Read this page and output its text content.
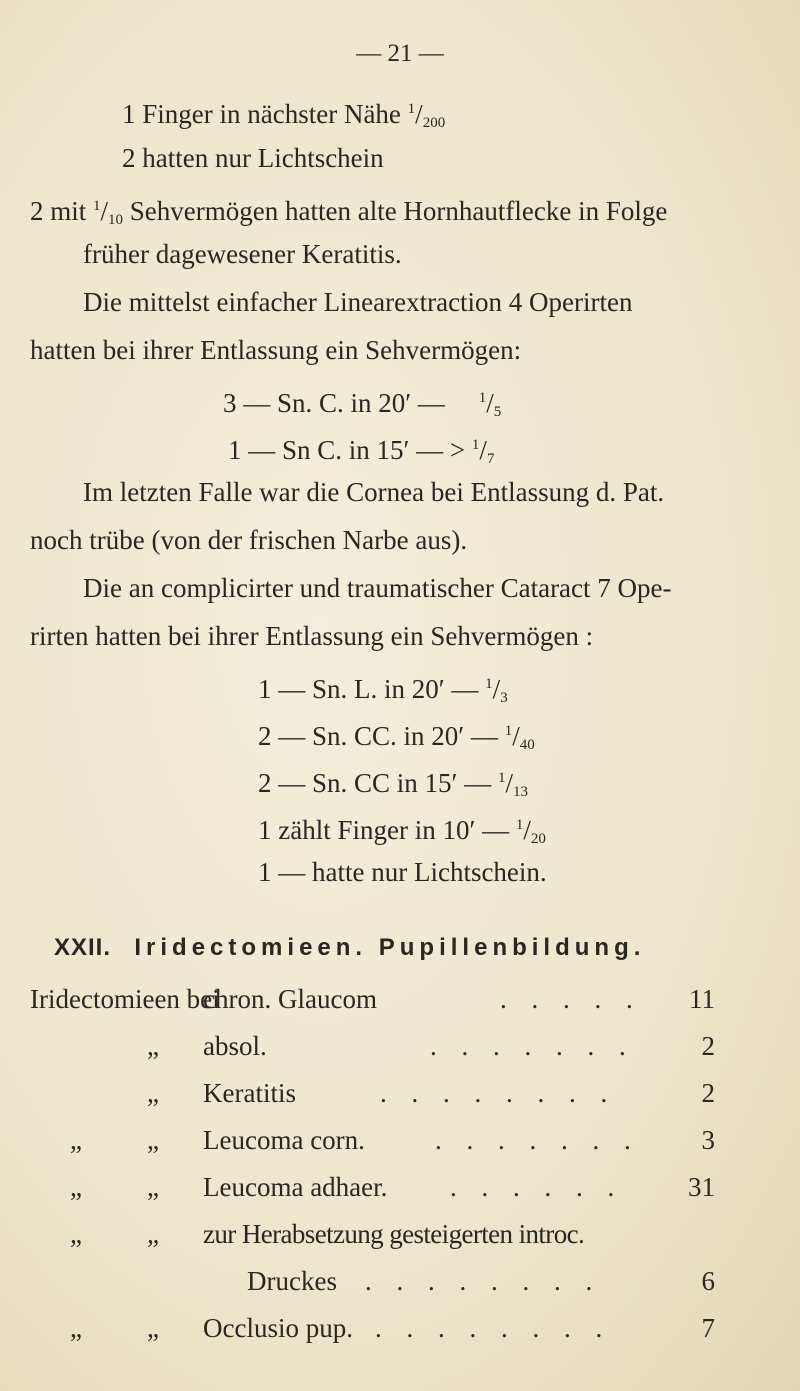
— 21 —
1 Finger in nächster Nähe $^1/_{200}$
2 hatten nur Lichtschein
2 mit $^1/_{10}$ Sehvermögen hatten alte Hornhautflecke in Folge
früher dagewesener Keratitis.
Die mittelst einfacher Linearextraction 4 Operirten
hatten bei ihrer Entlassung ein Sehvermögen:
3 — Sn. C. in 20′ — $^1/_5$
1 — Sn C. in 15′ — > $^1/_7$
Im letzten Falle war die Cornea bei Entlassung d. Pat.
noch trübe (von der frischen Narbe aus).
Die an complicirter und traumatischer Cataract 7 Ope-
rirten hatten bei ihrer Entlassung ein Sehvermögen :
1 — Sn. L. in 20′ — $^1/_3$
2 — Sn. CC. in 20′ — $^1/_{40}$
2 — Sn. CC in 15′ — $^1/_{13}$
1 zählt Finger in 10′ — $^1/_{20}$
1 — hatte nur Lichtschein.
XXII. Iridectomieen. Pupillenbildung.
Iridectomieen bei
chron. Glaucom	. . . . . 11
„ absol.	. . . . . . . 2
„ Keratitis	. . . . . . . .	2
„ „ Leucoma corn.	. . . . . . . 3
„ „ Leucoma adhaer. . . . . . . 31
„ „ zur Herabsetzung gesteigerten introc.
Druckes . . . . . . . .	6
„ „ Occlusio pup. . . . . . . . .	7
